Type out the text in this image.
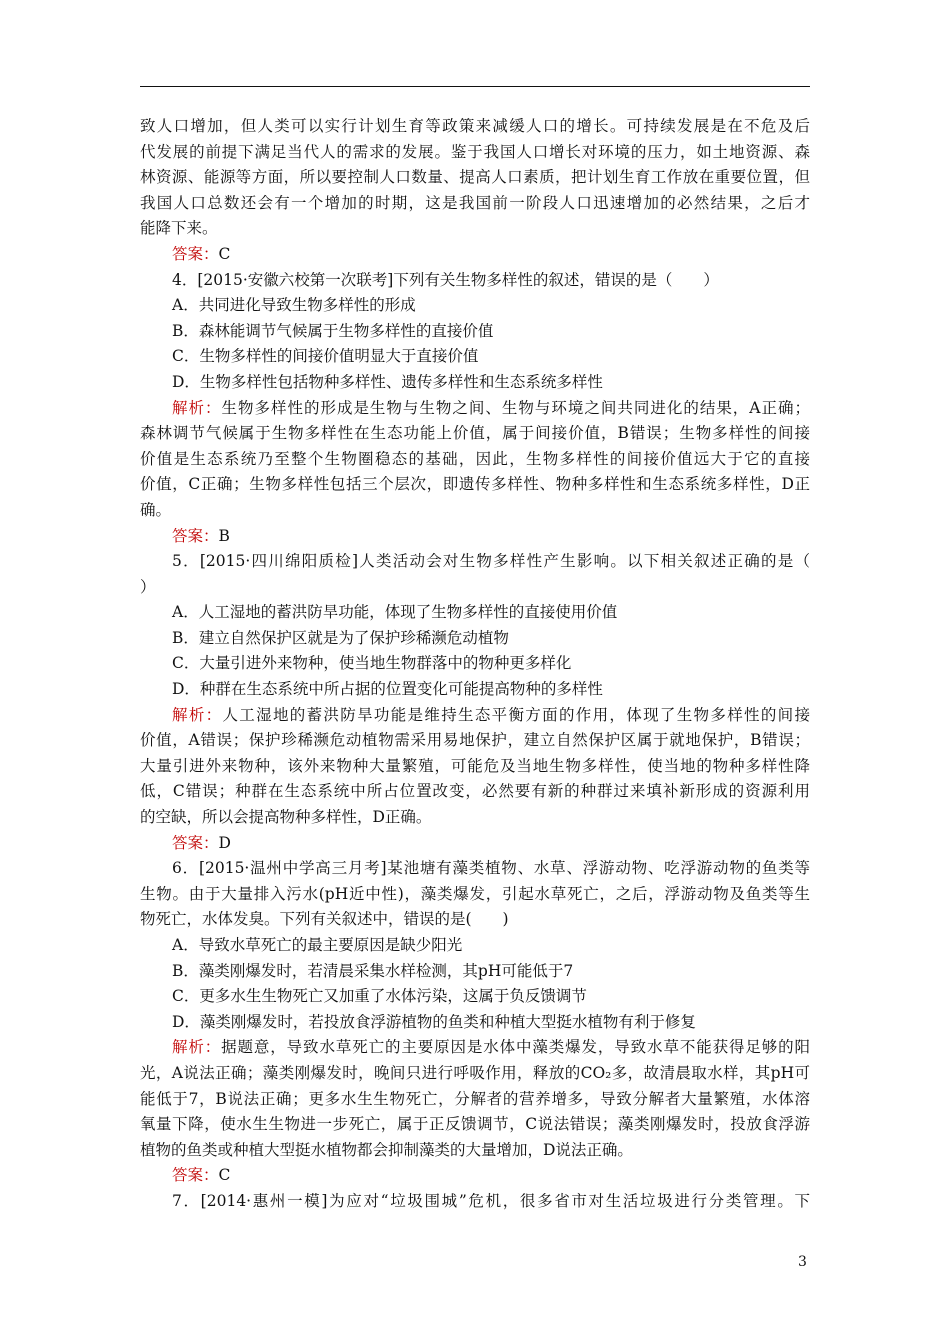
致人口增加，但人类可以实行计划生育等政策来减缓人口的增长。可持续发展是在不危及后
代发展的前提下满足当代人的需求的发展。鉴于我国人口增长对环境的压力，如土地资源、森
林资源、能源等方面，所以要控制人口数量、提高人口素质，把计划生育工作放在重要位置，但
我国人口总数还会有一个增加的时期，这是我国前一阶段人口迅速增加的必然结果，之后才
能降下来。
答案：C
4．[2015·安徽六校第一次联考]下列有关生物多样性的叙述，错误的是（　　）
A．共同进化导致生物多样性的形成
B．森林能调节气候属于生物多样性的直接价值
C．生物多样性的间接价值明显大于直接价值
D．生物多样性包括物种多样性、遗传多样性和生态系统多样性
解析：生物多样性的形成是生物与生物之间、生物与环境之间共同进化的结果，A正确；
森林调节气候属于生物多样性在生态功能上价值，属于间接价值，B错误；生物多样性的间接
价值是生态系统乃至整个生物圈稳态的基础，因此，生物多样性的间接价值远大于它的直接
价值，C正确；生物多样性包括三个层次，即遗传多样性、物种多样性和生态系统多样性，D正
确。
答案：B
5．[2015·四川绵阳质检]人类活动会对生物多样性产生影响。以下相关叙述正确的是（
）
A．人工湿地的蓄洪防旱功能，体现了生物多样性的直接使用价值
B．建立自然保护区就是为了保护珍稀濒危动植物
C．大量引进外来物种，使当地生物群落中的物种更多样化
D．种群在生态系统中所占据的位置变化可能提高物种的多样性
解析：人工湿地的蓄洪防旱功能是维持生态平衡方面的作用，体现了生物多样性的间接
价值，A错误；保护珍稀濒危动植物需采用易地保护，建立自然保护区属于就地保护，B错误；
大量引进外来物种，该外来物种大量繁殖，可能危及当地生物多样性，使当地的物种多样性降
低，C错误；种群在生态系统中所占位置改变，必然要有新的种群过来填补新形成的资源利用
的空缺，所以会提高物种多样性，D正确。
答案：D
6．[2015·温州中学高三月考]某池塘有藻类植物、水草、浮游动物、吃浮游动物的鱼类等
生物。由于大量排入污水(pH近中性)，藻类爆发，引起水草死亡，之后，浮游动物及鱼类等生
物死亡，水体发臭。下列有关叙述中，错误的是(　　)
A．导致水草死亡的最主要原因是缺少阳光
B．藻类刚爆发时，若清晨采集水样检测，其pH可能低于7
C．更多水生生物死亡又加重了水体污染，这属于负反馈调节
D．藻类刚爆发时，若投放食浮游植物的鱼类和种植大型挺水植物有利于修复
解析：据题意，导致水草死亡的主要原因是水体中藻类爆发，导致水草不能获得足够的阳
光，A说法正确；藻类刚爆发时，晚间只进行呼吸作用，释放的CO₂多，故清晨取水样，其pH可
能低于7，B说法正确；更多水生生物死亡，分解者的营养增多，导致分解者大量繁殖，水体溶
氧量下降，使水生生物进一步死亡，属于正反馈调节，C说法错误；藻类刚爆发时，投放食浮游
植物的鱼类或种植大型挺水植物都会抑制藻类的大量增加，D说法正确。
答案：C
7．[2014·惠州一模]为应对“垃圾围城”危机，很多省市对生活垃圾进行分类管理。下
3
